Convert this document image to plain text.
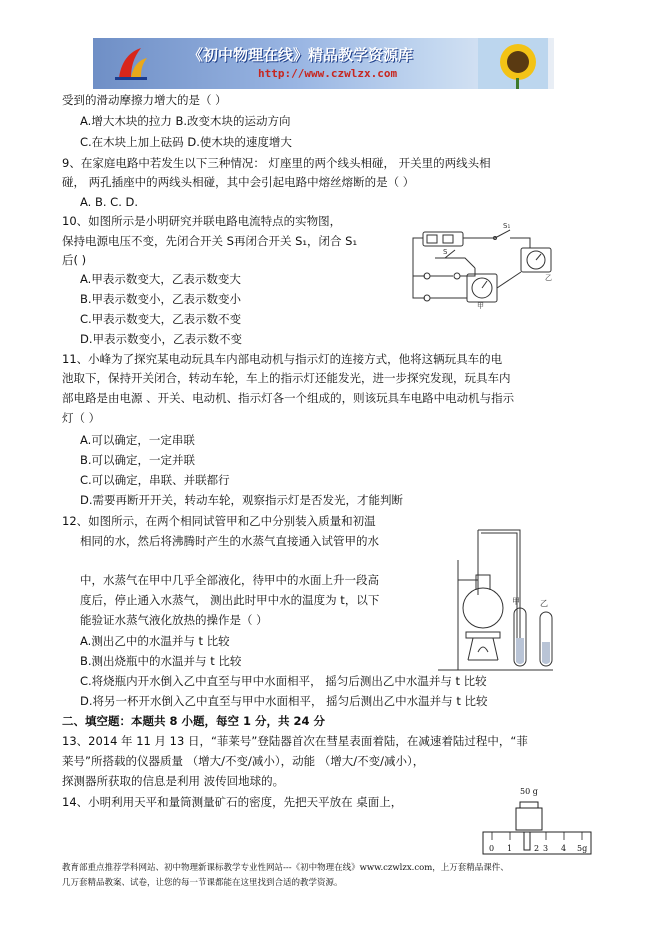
《初中物理在线》精品教学资源库
http://www.czwlzx.com
受到的滑动摩擦力增大的是（ ）
A.增大木块的拉力 B.改变木块的运动方向
C.在木块上加上砝码 D.使木块的速度增大
9、在家庭电路中若发生以下三种情况： 灯座里的两个线头相碰， 开关里的两线头相
碰， 两孔插座中的两线头相碰，其中会引起电路中熔丝熔断的是（ ）
A. B. C. D.
10、如图所示是小明研究并联电路电流特点的实物图，
保持电源电压不变，先闭合开关 S再闭合开关 S₁，闭合 S₁
后( )
A.甲表示数变大，乙表示数变大
B.甲表示数变小，乙表示数变小
C.甲表示数变大，乙表示数不变
D.甲表示数变小，乙表示数不变
11、小峰为了探究某电动玩具车内部电动机与指示灯的连接方式，他将这辆玩具车的电
池取下，保持开关闭合，转动车轮，车上的指示灯还能发光，进一步探究发现，玩具车内
部电路是由电源 、开关、电动机、指示灯各一个组成的，则该玩具车电路中电动机与指示
灯（ ）
A.可以确定，一定串联
B.可以确定，一定并联
C.可以确定，串联、并联都行
D.需要再断开开关，转动车轮，观察指示灯是否发光，才能判断
12、如图所示，在两个相同试管甲和乙中分别装入质量和初温
相同的水，然后将沸腾时产生的水蒸气直接通入试管甲的水
中，水蒸气在甲中几乎全部液化，待甲中的水面上升一段高
度后，停止通入水蒸气， 测出此时甲中水的温度为 t，以下
能验证水蒸气液化放热的操作是（ ）
A.测出乙中的水温并与 t 比较
B.测出烧瓶中的水温并与 t 比较
C.将烧瓶内开水倒入乙中直至与甲中水面相平， 摇匀后测出乙中水温并与 t 比较
D.将另一杯开水倒入乙中直至与甲中水面相平， 摇匀后测出乙中水温并与 t 比较
二、填空题：本题共 8 小题，每空 1 分，共 24 分
13、2014 年 11 月 13 日，“菲莱号”登陆器首次在彗星表面着陆，在减速着陆过程中，“菲
莱号”所搭载的仪器质量 （增大/不变/减小），动能 （增大/不变/减小），
探测器所获取的信息是利用 波传回地球的。
14、小明利用天平和量筒测量矿石的密度，先把天平放在 桌面上，
S
S₁
甲
乙
甲	乙
50 g
0 1	2 3 4 5g
教育部重点推荐学科网站、初中物理新课标教学专业性网站---《初中物理在线》www.czwlzx.com，上万套精品课件、
几万套精品教案、试卷，让您的每一节课都能在这里找到合适的教学资源。
